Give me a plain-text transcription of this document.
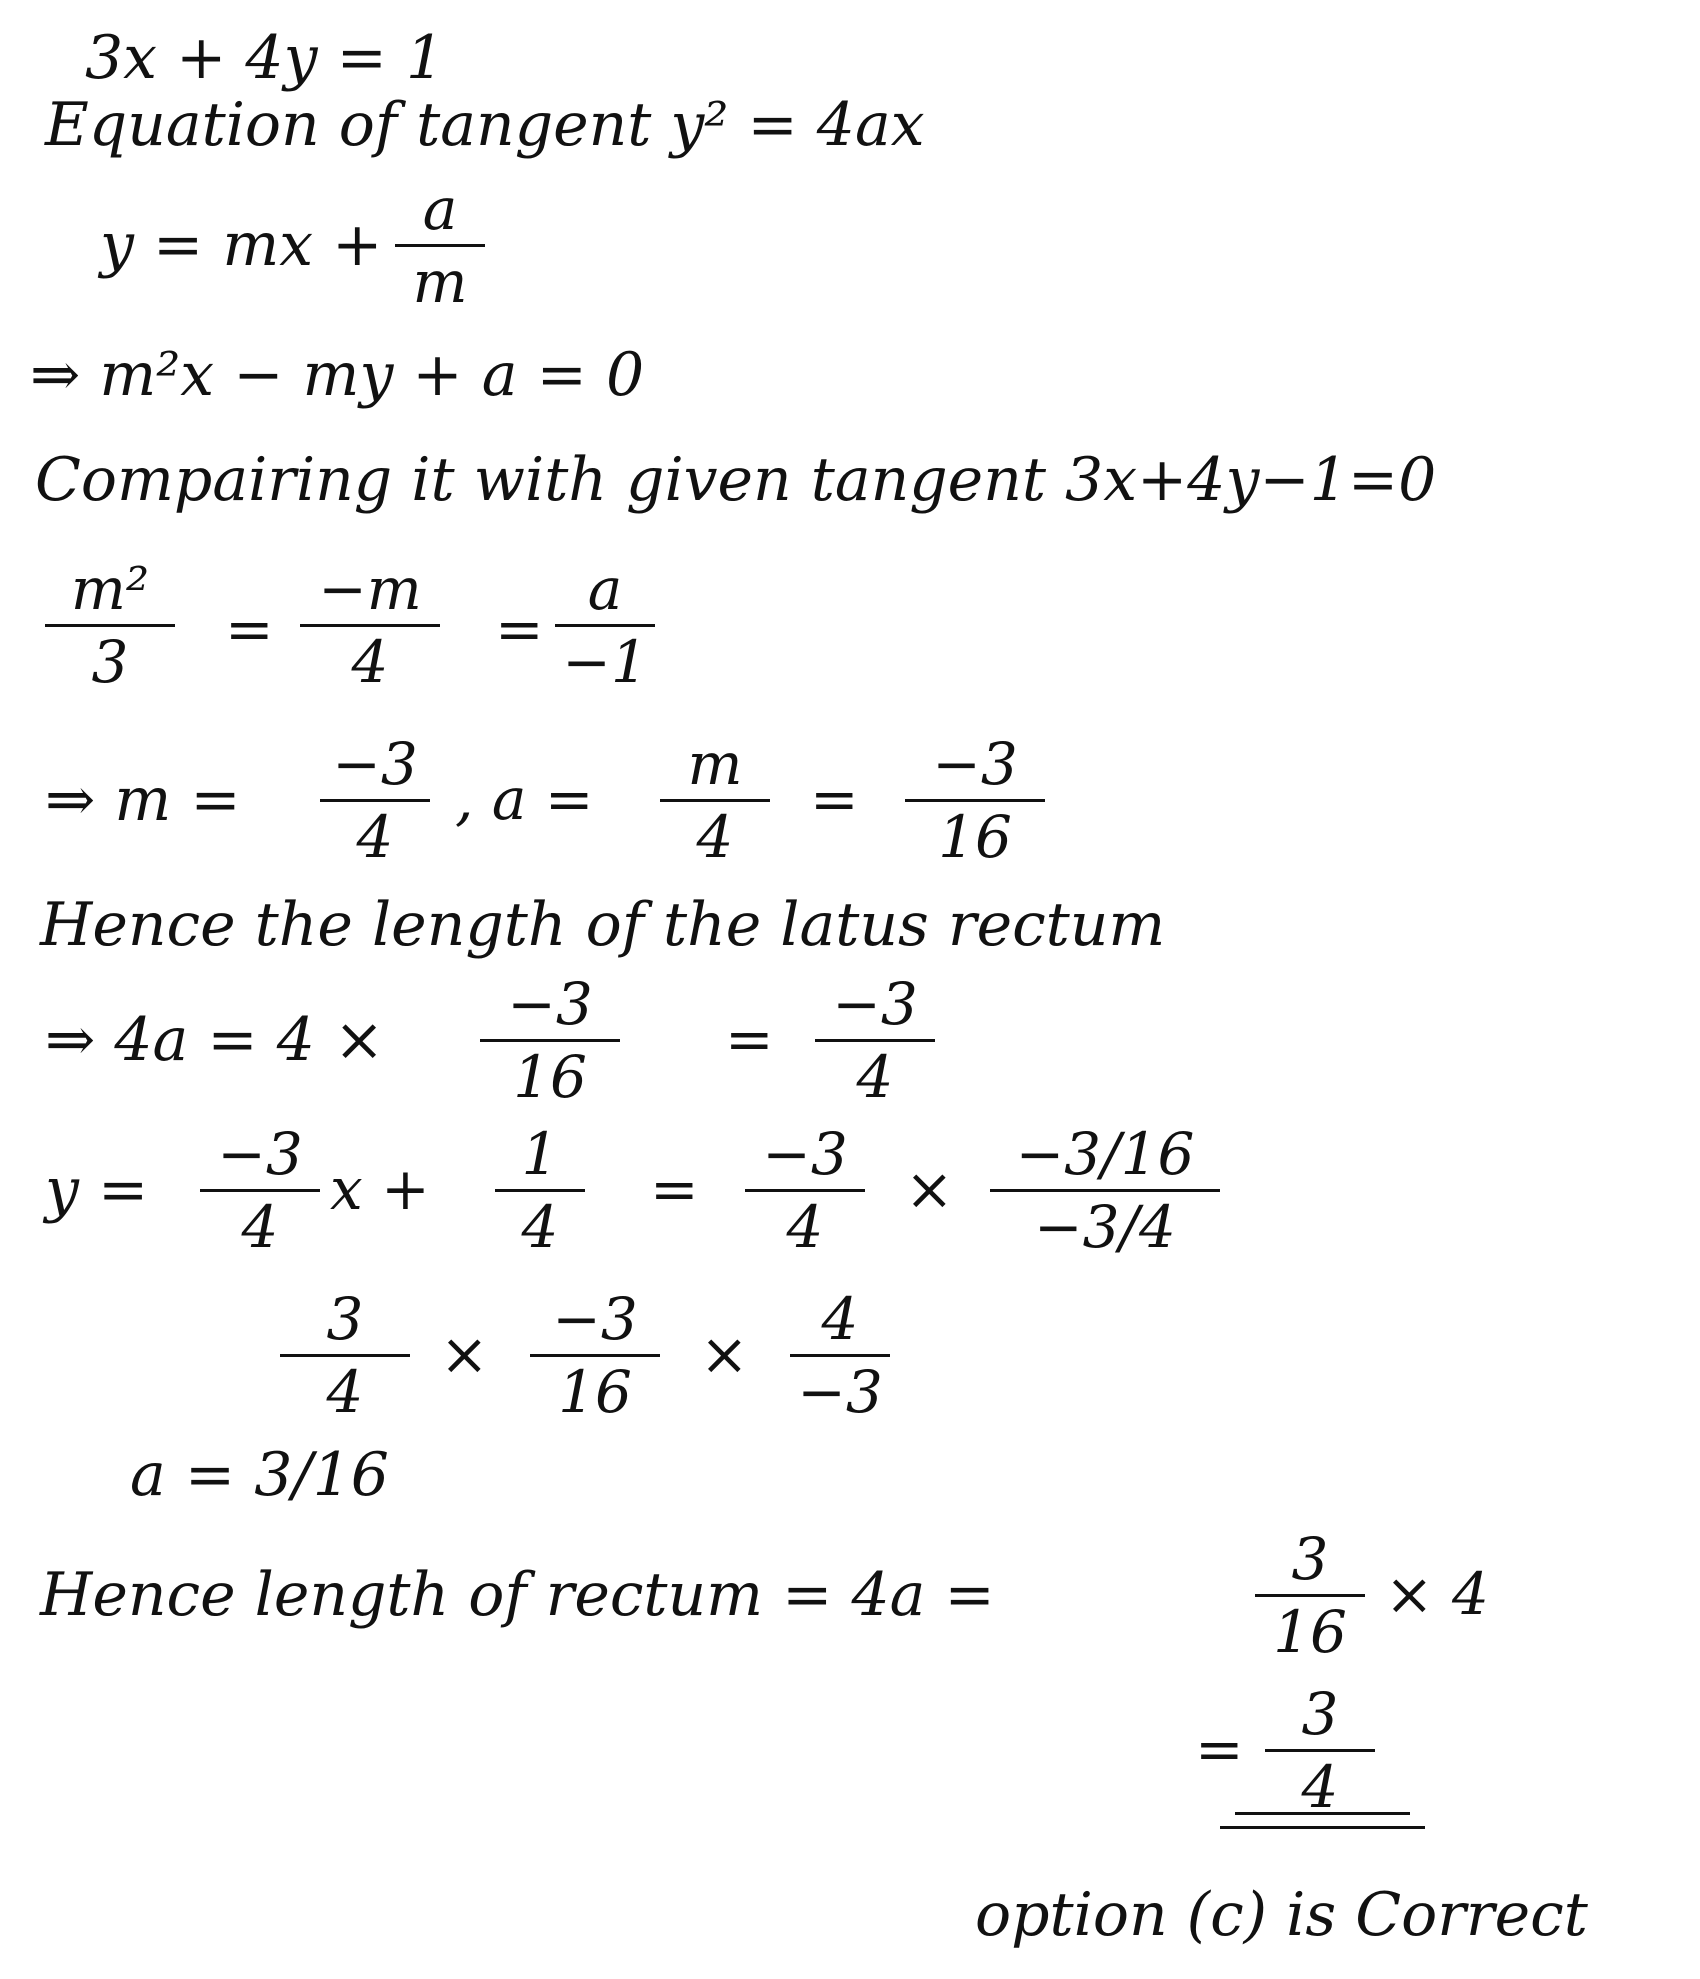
3x + 4y = 1
Equation of tangent y² = 4ax
y = mx +
a
m
⇒ m²x − my + a = 0
Compairing it with given tangent 3x+4y−1=0
m²
3	=
−m
4	=
a
−1
⇒ m =
−3
4
, a =
m
4
=
−3
16
Hence the length of the latus rectum
⇒ 4a = 4 ×
−3
16
=
−3
4
y =
−3
4
x +
1
4
=
−3
4
×
−3/16
−3/4
3
4
×
−3
16
×
4
−3
a = 3/16
Hence length of rectum = 4a =
3
16
× 4
=
3
4
option (c) is Correct
